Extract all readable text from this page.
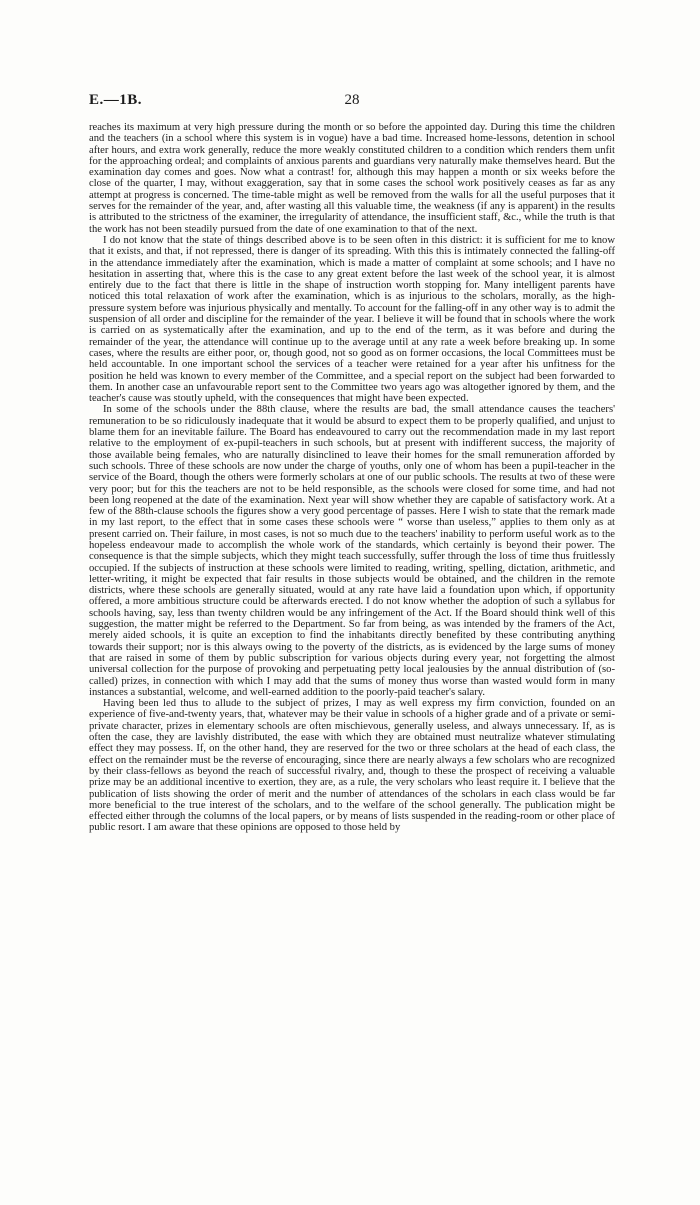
E.—1B.	28

reaches its maximum at very high pressure during the month or so before the appointed day. During this time the children and the teachers (in a school where this system is in vogue) have a bad time. Increased home-lessons, detention in school after hours, and extra work generally, reduce the more weakly constituted children to a condition which renders them unfit for the approaching ordeal; and complaints of anxious parents and guardians very naturally make themselves heard. But the examination day comes and goes. Now what a contrast! for, although this may happen a month or six weeks before the close of the quarter, I may, without exaggeration, say that in some cases the school work positively ceases as far as any attempt at progress is concerned. The time-table might as well be removed from the walls for all the useful purposes that it serves for the remainder of the year, and, after wasting all this valuable time, the weakness (if any is apparent) in the results is attributed to the strictness of the examiner, the irregularity of attendance, the insufficient staff, &c., while the truth is that the work has not been steadily pursued from the date of one examination to that of the next.

I do not know that the state of things described above is to be seen often in this district: it is sufficient for me to know that it exists, and that, if not repressed, there is danger of its spreading. With this this is intimately connected the falling-off in the attendance immediately after the examination, which is made a matter of complaint at some schools; and I have no hesitation in asserting that, where this is the case to any great extent before the last week of the school year, it is almost entirely due to the fact that there is little in the shape of instruction worth stopping for. Many intelligent parents have noticed this total relaxation of work after the examination, which is as injurious to the scholars, morally, as the high-pressure system before was injurious physically and mentally. To account for the falling-off in any other way is to admit the suspension of all order and discipline for the remainder of the year. I believe it will be found that in schools where the work is carried on as systematically after the examination, and up to the end of the term, as it was before and during the remainder of the year, the attendance will continue up to the average until at any rate a week before breaking up. In some cases, where the results are either poor, or, though good, not so good as on former occasions, the local Committees must be held accountable. In one important school the services of a teacher were retained for a year after his unfitness for the position he held was known to every member of the Committee, and a special report on the subject had been forwarded to them. In another case an unfavourable report sent to the Committee two years ago was altogether ignored by them, and the teacher's cause was stoutly upheld, with the consequences that might have been expected.

In some of the schools under the 88th clause, where the results are bad, the small attendance causes the teachers' remuneration to be so ridiculously inadequate that it would be absurd to expect them to be properly qualified, and unjust to blame them for an inevitable failure. The Board has endeavoured to carry out the recommendation made in my last report relative to the employment of ex-pupil-teachers in such schools, but at present with indifferent success, the majority of those available being females, who are naturally disinclined to leave their homes for the small remuneration afforded by such schools. Three of these schools are now under the charge of youths, only one of whom has been a pupil-teacher in the service of the Board, though the others were formerly scholars at one of our public schools. The results at two of these were very poor; but for this the teachers are not to be held responsible, as the schools were closed for some time, and had not been long reopened at the date of the examination. Next year will show whether they are capable of satisfactory work. At a few of the 88th-clause schools the figures show a very good percentage of passes. Here I wish to state that the remark made in my last report, to the effect that in some cases these schools were “ worse than useless,” applies to them only as at present carried on. Their failure, in most cases, is not so much due to the teachers' inability to perform useful work as to the hopeless endeavour made to accomplish the whole work of the standards, which certainly is beyond their power. The consequence is that the simple subjects, which they might teach successfully, suffer through the loss of time thus fruitlessly occupied. If the subjects of instruction at these schools were limited to reading, writing, spelling, dictation, arithmetic, and letter-writing, it might be expected that fair results in those subjects would be obtained, and the children in the remote districts, where these schools are generally situated, would at any rate have laid a foundation upon which, if opportunity offered, a more ambitious structure could be afterwards erected. I do not know whether the adoption of such a syllabus for schools having, say, less than twenty children would be any infringement of the Act. If the Board should think well of this suggestion, the matter might be referred to the Department. So far from being, as was intended by the framers of the Act, merely aided schools, it is quite an exception to find the inhabitants directly benefited by these contributing anything towards their support; nor is this always owing to the poverty of the districts, as is evidenced by the large sums of money that are raised in some of them by public subscription for various objects during every year, not forgetting the almost universal collection for the purpose of provoking and perpetuating petty local jealousies by the annual distribution of (so-called) prizes, in connection with which I may add that the sums of money thus worse than wasted would form in many instances a substantial, welcome, and well-earned addition to the poorly-paid teacher's salary.

Having been led thus to allude to the subject of prizes, I may as well express my firm conviction, founded on an experience of five-and-twenty years, that, whatever may be their value in schools of a higher grade and of a private or semi-private character, prizes in elementary schools are often mischievous, generally useless, and always unnecessary. If, as is often the case, they are lavishly distributed, the ease with which they are obtained must neutralize whatever stimulating effect they may possess. If, on the other hand, they are reserved for the two or three scholars at the head of each class, the effect on the remainder must be the reverse of encouraging, since there are nearly always a few scholars who are recognized by their class-fellows as beyond the reach of successful rivalry, and, though to these the prospect of receiving a valuable prize may be an additional incentive to exertion, they are, as a rule, the very scholars who least require it. I believe that the publication of lists showing the order of merit and the number of attendances of the scholars in each class would be far more beneficial to the true interest of the scholars, and to the welfare of the school generally. The publication might be effected either through the columns of the local papers, or by means of lists suspended in the reading-room or other place of public resort. I am aware that these opinions are opposed to those held by
